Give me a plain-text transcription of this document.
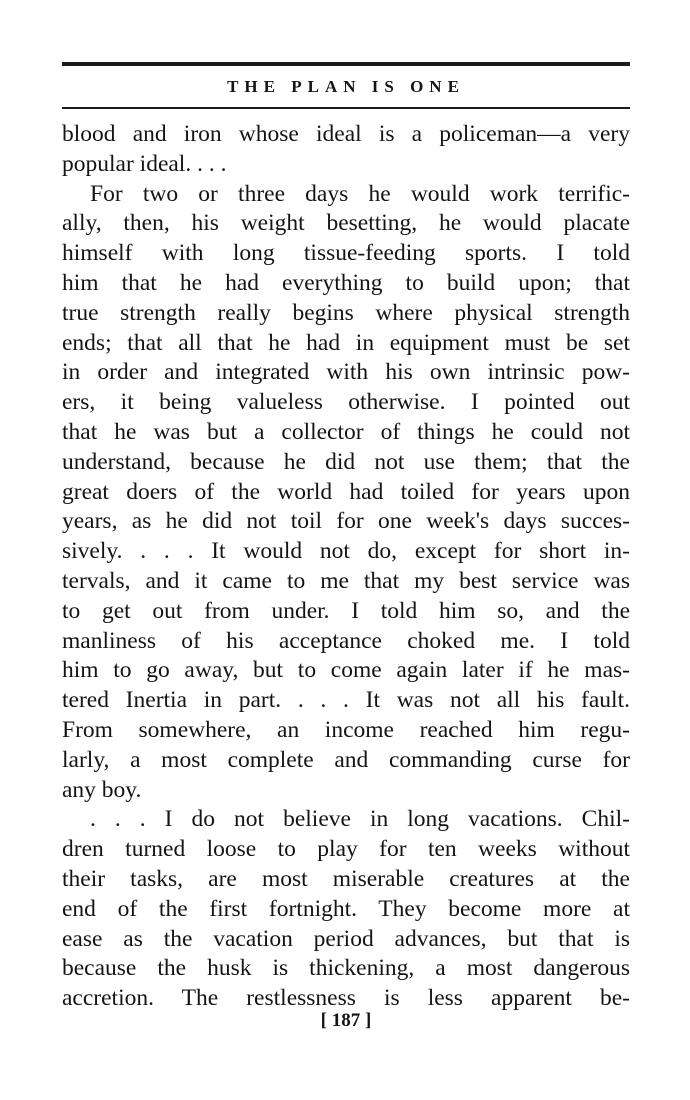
THE PLAN IS ONE
blood and iron whose ideal is a policeman—a very
popular ideal. . . .
For two or three days he would work terrific-
ally, then, his weight besetting, he would placate
himself with long tissue-feeding sports. I told
him that he had everything to build upon; that
true strength really begins where physical strength
ends; that all that he had in equipment must be set
in order and integrated with his own intrinsic pow-
ers, it being valueless otherwise. I pointed out
that he was but a collector of things he could not
understand, because he did not use them; that the
great doers of the world had toiled for years upon
years, as he did not toil for one week's days succes-
sively. . . . It would not do, except for short in-
tervals, and it came to me that my best service was
to get out from under. I told him so, and the
manliness of his acceptance choked me. I told
him to go away, but to come again later if he mas-
tered Inertia in part. . . . It was not all his fault.
From somewhere, an income reached him regu-
larly, a most complete and commanding curse for
any boy.
. . . I do not believe in long vacations. Chil-
dren turned loose to play for ten weeks without
their tasks, are most miserable creatures at the
end of the first fortnight. They become more at
ease as the vacation period advances, but that is
because the husk is thickening, a most dangerous
accretion. The restlessness is less apparent be-
[ 187 ]
